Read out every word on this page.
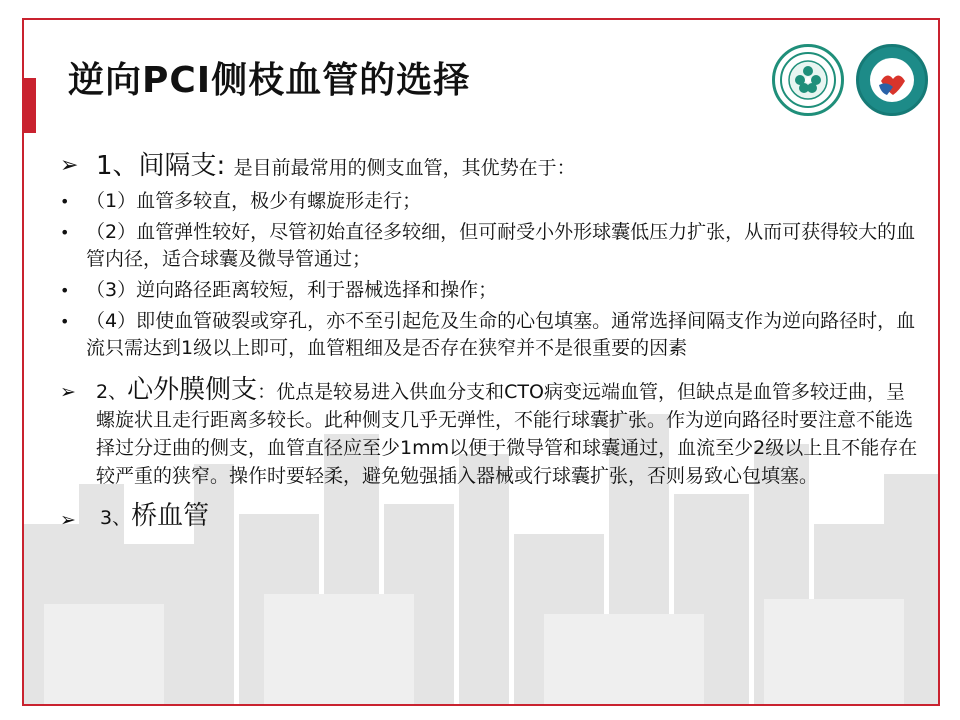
逆向PCI侧枝血管的选择
➢ 1、间隔支: 是目前最常用的侧支血管，其优势在于：
• （1）血管多较直，极少有螺旋形走行；
• （2）血管弹性较好，尽管初始直径多较细，但可耐受小外形球囊低压力扩张，从而可获得较大的血管内径，适合球囊及微导管通过；
• （3）逆向路径距离较短，利于器械选择和操作；
• （4）即使血管破裂或穿孔，亦不至引起危及生命的心包填塞。通常选择间隔支作为逆向路径时，血流只需达到1级以上即可，血管粗细及是否存在狭窄并不是很重要的因素
➢ 2、心外膜侧支：优点是较易进入供血分支和CTO病变远端血管，但缺点是血管多较迂曲，呈螺旋状且走行距离多较长。此种侧支几乎无弹性，不能行球囊扩张。作为逆向路径时要注意不能选择过分迂曲的侧支，血管直径应至少1mm以便于微导管和球囊通过，血流至少2级以上且不能存在较严重的狭窄。操作时要轻柔，避免勉强插入器械或行球囊扩张，否则易致心包填塞。
➢ 3、桥血管
